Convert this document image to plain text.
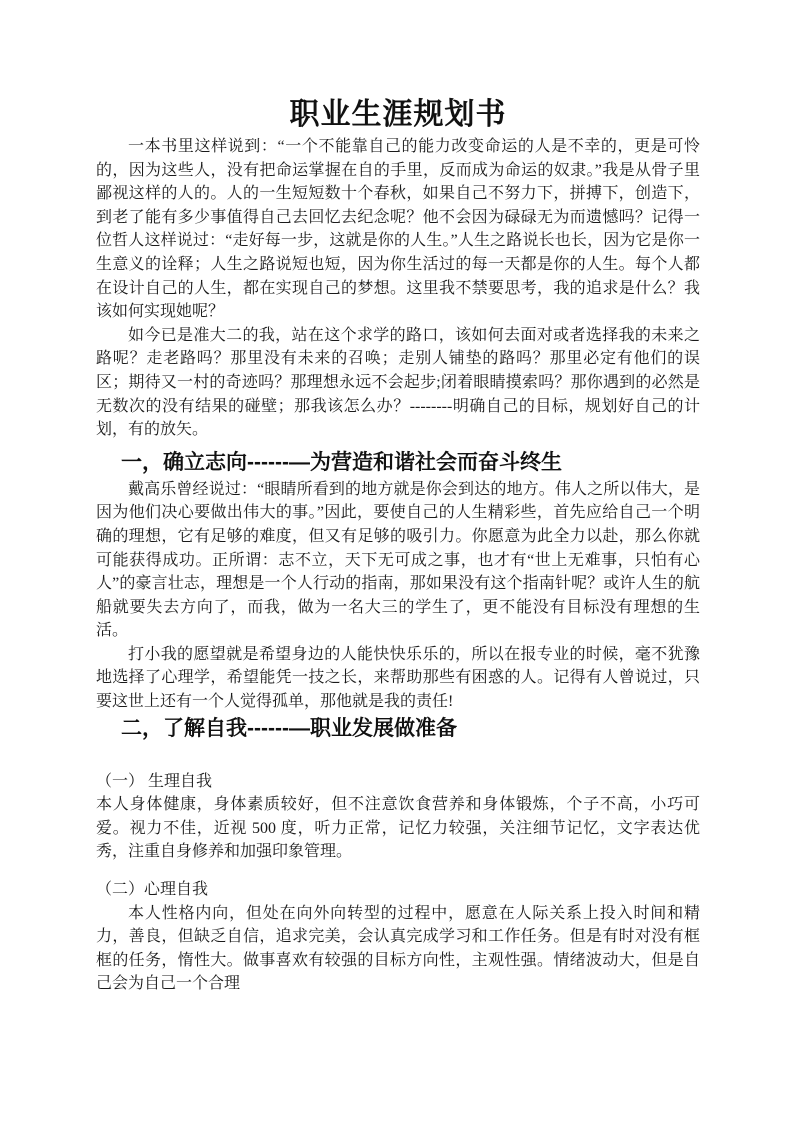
职业生涯规划书

一本书里这样说到：“一个不能靠自己的能力改变命运的人是不幸的，更是可怜的，因为这些人，没有把命运掌握在自的手里，反而成为命运的奴隶。”我是从骨子里鄙视这样的人的。人的一生短短数十个春秋，如果自己不努力下，拼搏下，创造下，到老了能有多少事值得自己去回忆去纪念呢？他不会因为碌碌无为而遗憾吗？记得一位哲人这样说过：“走好每一步，这就是你的人生。”人生之路说长也长，因为它是你一生意义的诠释；人生之路说短也短，因为你生活过的每一天都是你的人生。每个人都在设计自己的人生，都在实现自己的梦想。这里我不禁要思考，我的追求是什么？我该如何实现她呢？

如今已是准大二的我，站在这个求学的路口，该如何去面对或者选择我的未来之路呢？走老路吗？那里没有未来的召唤；走别人铺垫的路吗？那里必定有他们的误区；期待又一村的奇迹吗？那理想永远不会起步;闭着眼睛摸索吗？那你遇到的必然是无数次的没有结果的碰壁；那我该怎么办？--------明确自己的目标，规划好自己的计划，有的放矢。

一，确立志向------—为营造和谐社会而奋斗终生

戴高乐曾经说过：“眼睛所看到的地方就是你会到达的地方。伟人之所以伟大，是因为他们决心要做出伟大的事。”因此，要使自己的人生精彩些，首先应给自己一个明确的理想，它有足够的难度，但又有足够的吸引力。你愿意为此全力以赴，那么你就可能获得成功。正所谓：志不立，天下无可成之事，也才有“世上无难事，只怕有心人”的豪言壮志，理想是一个人行动的指南，那如果没有这个指南针呢？或许人生的航船就要失去方向了，而我，做为一名大三的学生了，更不能没有目标没有理想的生活。

打小我的愿望就是希望身边的人能快快乐乐的，所以在报专业的时候，毫不犹豫地选择了心理学，希望能凭一技之长，来帮助那些有困惑的人。记得有人曾说过，只要这世上还有一个人觉得孤单，那他就是我的责任!

二，了解自我------—职业发展做准备

（一） 生理自我

本人身体健康，身体素质较好，但不注意饮食营养和身体锻炼，个子不高，小巧可爱。视力不佳，近视 500 度，听力正常，记忆力较强，关注细节记忆，文字表达优秀，注重自身修养和加强印象管理。

（二）心理自我

本人性格内向，但处在向外向转型的过程中，愿意在人际关系上投入时间和精力，善良，但缺乏自信，追求完美，会认真完成学习和工作任务。但是有时对没有框框的任务，惰性大。做事喜欢有较强的目标方向性，主观性强。情绪波动大，但是自己会为自己一个合理
